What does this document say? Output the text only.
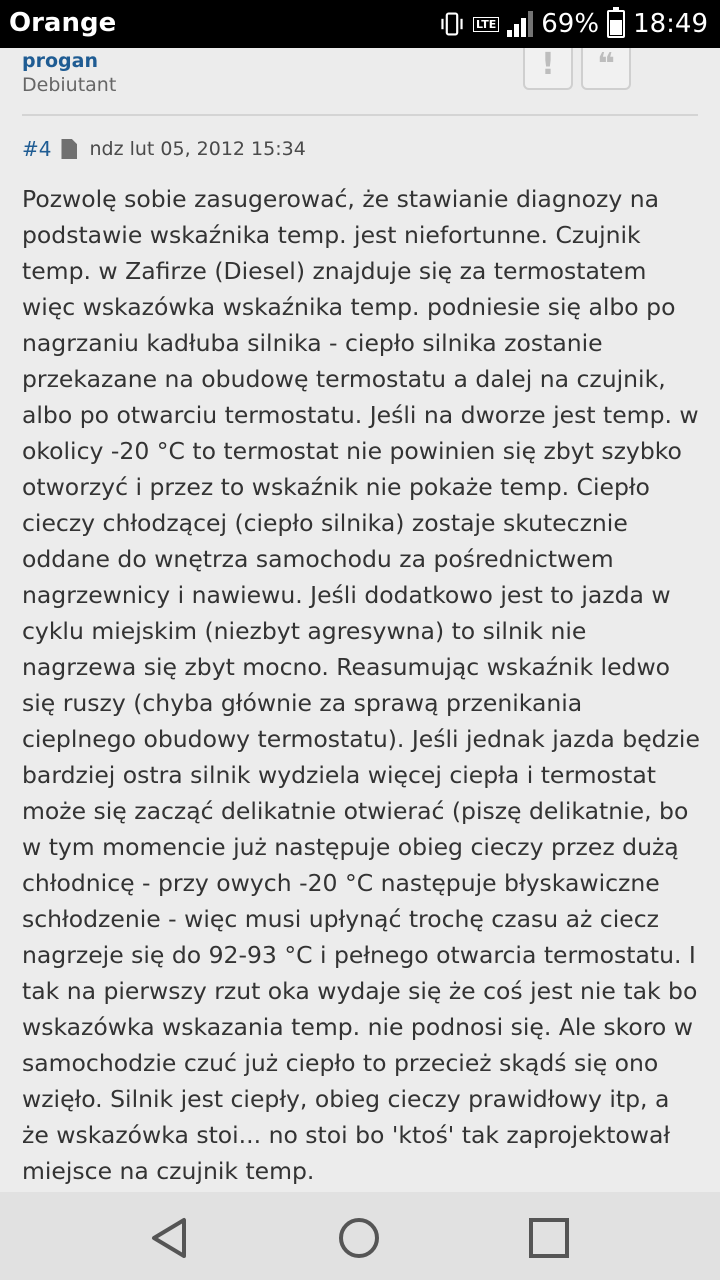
Orange	LTE 69% 18:49
progan
Debiutant
!	❝
#4 ndz lut 05, 2012 15:34

Pozwolę sobie zasugerować, że stawianie diagnozy na podstawie wskaźnika temp. jest niefortunne. Czujnik temp. w Zafirze (Diesel) znajduje się za termostatem więc wskazówka wskaźnika temp. podniesie się albo po nagrzaniu kadłuba silnika - ciepło silnika zostanie przekazane na obudowę termostatu a dalej na czujnik, albo po otwarciu termostatu. Jeśli na dworze jest temp. w okolicy -20 °C to termostat nie powinien się zbyt szybko otworzyć i przez to wskaźnik nie pokaże temp. Ciepło cieczy chłodzącej (ciepło silnika) zostaje skutecznie oddane do wnętrza samochodu za pośrednictwem nagrzewnicy i nawiewu. Jeśli dodatkowo jest to jazda w cyklu miejskim (niezbyt agresywna) to silnik nie nagrzewa się zbyt mocno. Reasumując wskaźnik ledwo się ruszy (chyba głównie za sprawą przenikania cieplnego obudowy termostatu). Jeśli jednak jazda będzie bardziej ostra silnik wydziela więcej ciepła i termostat może się zacząć delikatnie otwierać (piszę delikatnie, bo w tym momencie już następuje obieg cieczy przez dużą chłodnicę - przy owych -20 °C następuje błyskawiczne schłodzenie - więc musi upłynąć trochę czasu aż ciecz nagrzeje się do 92-93 °C i pełnego otwarcia termostatu. I tak na pierwszy rzut oka wydaje się że coś jest nie tak bo wskazówka wskazania temp. nie podnosi się. Ale skoro w samochodzie czuć już ciepło to przecież skądś się ono wzięło. Silnik jest ciepły, obieg cieczy prawidłowy itp, a że wskazówka stoi... no stoi bo 'ktoś' tak zaprojektował miejsce na czujnik temp.
